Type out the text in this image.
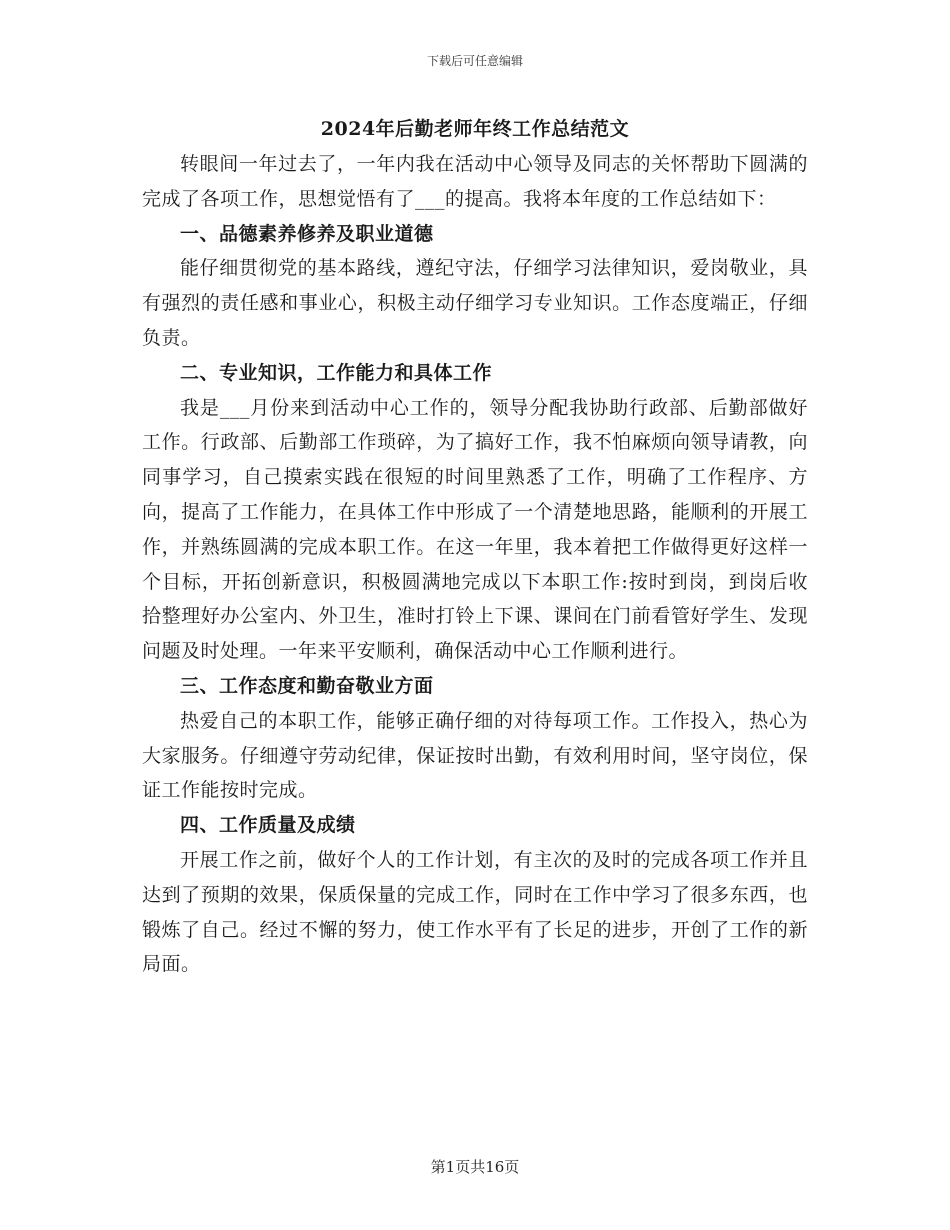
下载后可任意编辑
2024年后勤老师年终工作总结范文

转眼间一年过去了，一年内我在活动中心领导及同志的关怀帮助下圆满的完成了各项工作，思想觉悟有了___的提高。我将本年度的工作总结如下：

一、品德素养修养及职业道德

能仔细贯彻党的基本路线，遵纪守法，仔细学习法律知识，爱岗敬业，具有强烈的责任感和事业心，积极主动仔细学习专业知识。工作态度端正，仔细负责。

二、专业知识，工作能力和具体工作

我是___月份来到活动中心工作的，领导分配我协助行政部、后勤部做好工作。行政部、后勤部工作琐碎，为了搞好工作，我不怕麻烦向领导请教，向同事学习，自己摸索实践在很短的时间里熟悉了工作，明确了工作程序、方向，提高了工作能力，在具体工作中形成了一个清楚地思路，能顺利的开展工作，并熟练圆满的完成本职工作。在这一年里，我本着把工作做得更好这样一个目标，开拓创新意识，积极圆满地完成以下本职工作:按时到岗，到岗后收拾整理好办公室内、外卫生，准时打铃上下课、课间在门前看管好学生、发现问题及时处理。一年来平安顺利，确保活动中心工作顺利进行。

三、工作态度和勤奋敬业方面

热爱自己的本职工作，能够正确仔细的对待每项工作。工作投入，热心为大家服务。仔细遵守劳动纪律，保证按时出勤，有效利用时间，坚守岗位，保证工作能按时完成。

四、工作质量及成绩

开展工作之前，做好个人的工作计划，有主次的及时的完成各项工作并且达到了预期的效果，保质保量的完成工作，同时在工作中学习了很多东西，也锻炼了自己。经过不懈的努力，使工作水平有了长足的进步，开创了工作的新局面。

第1页共16页
